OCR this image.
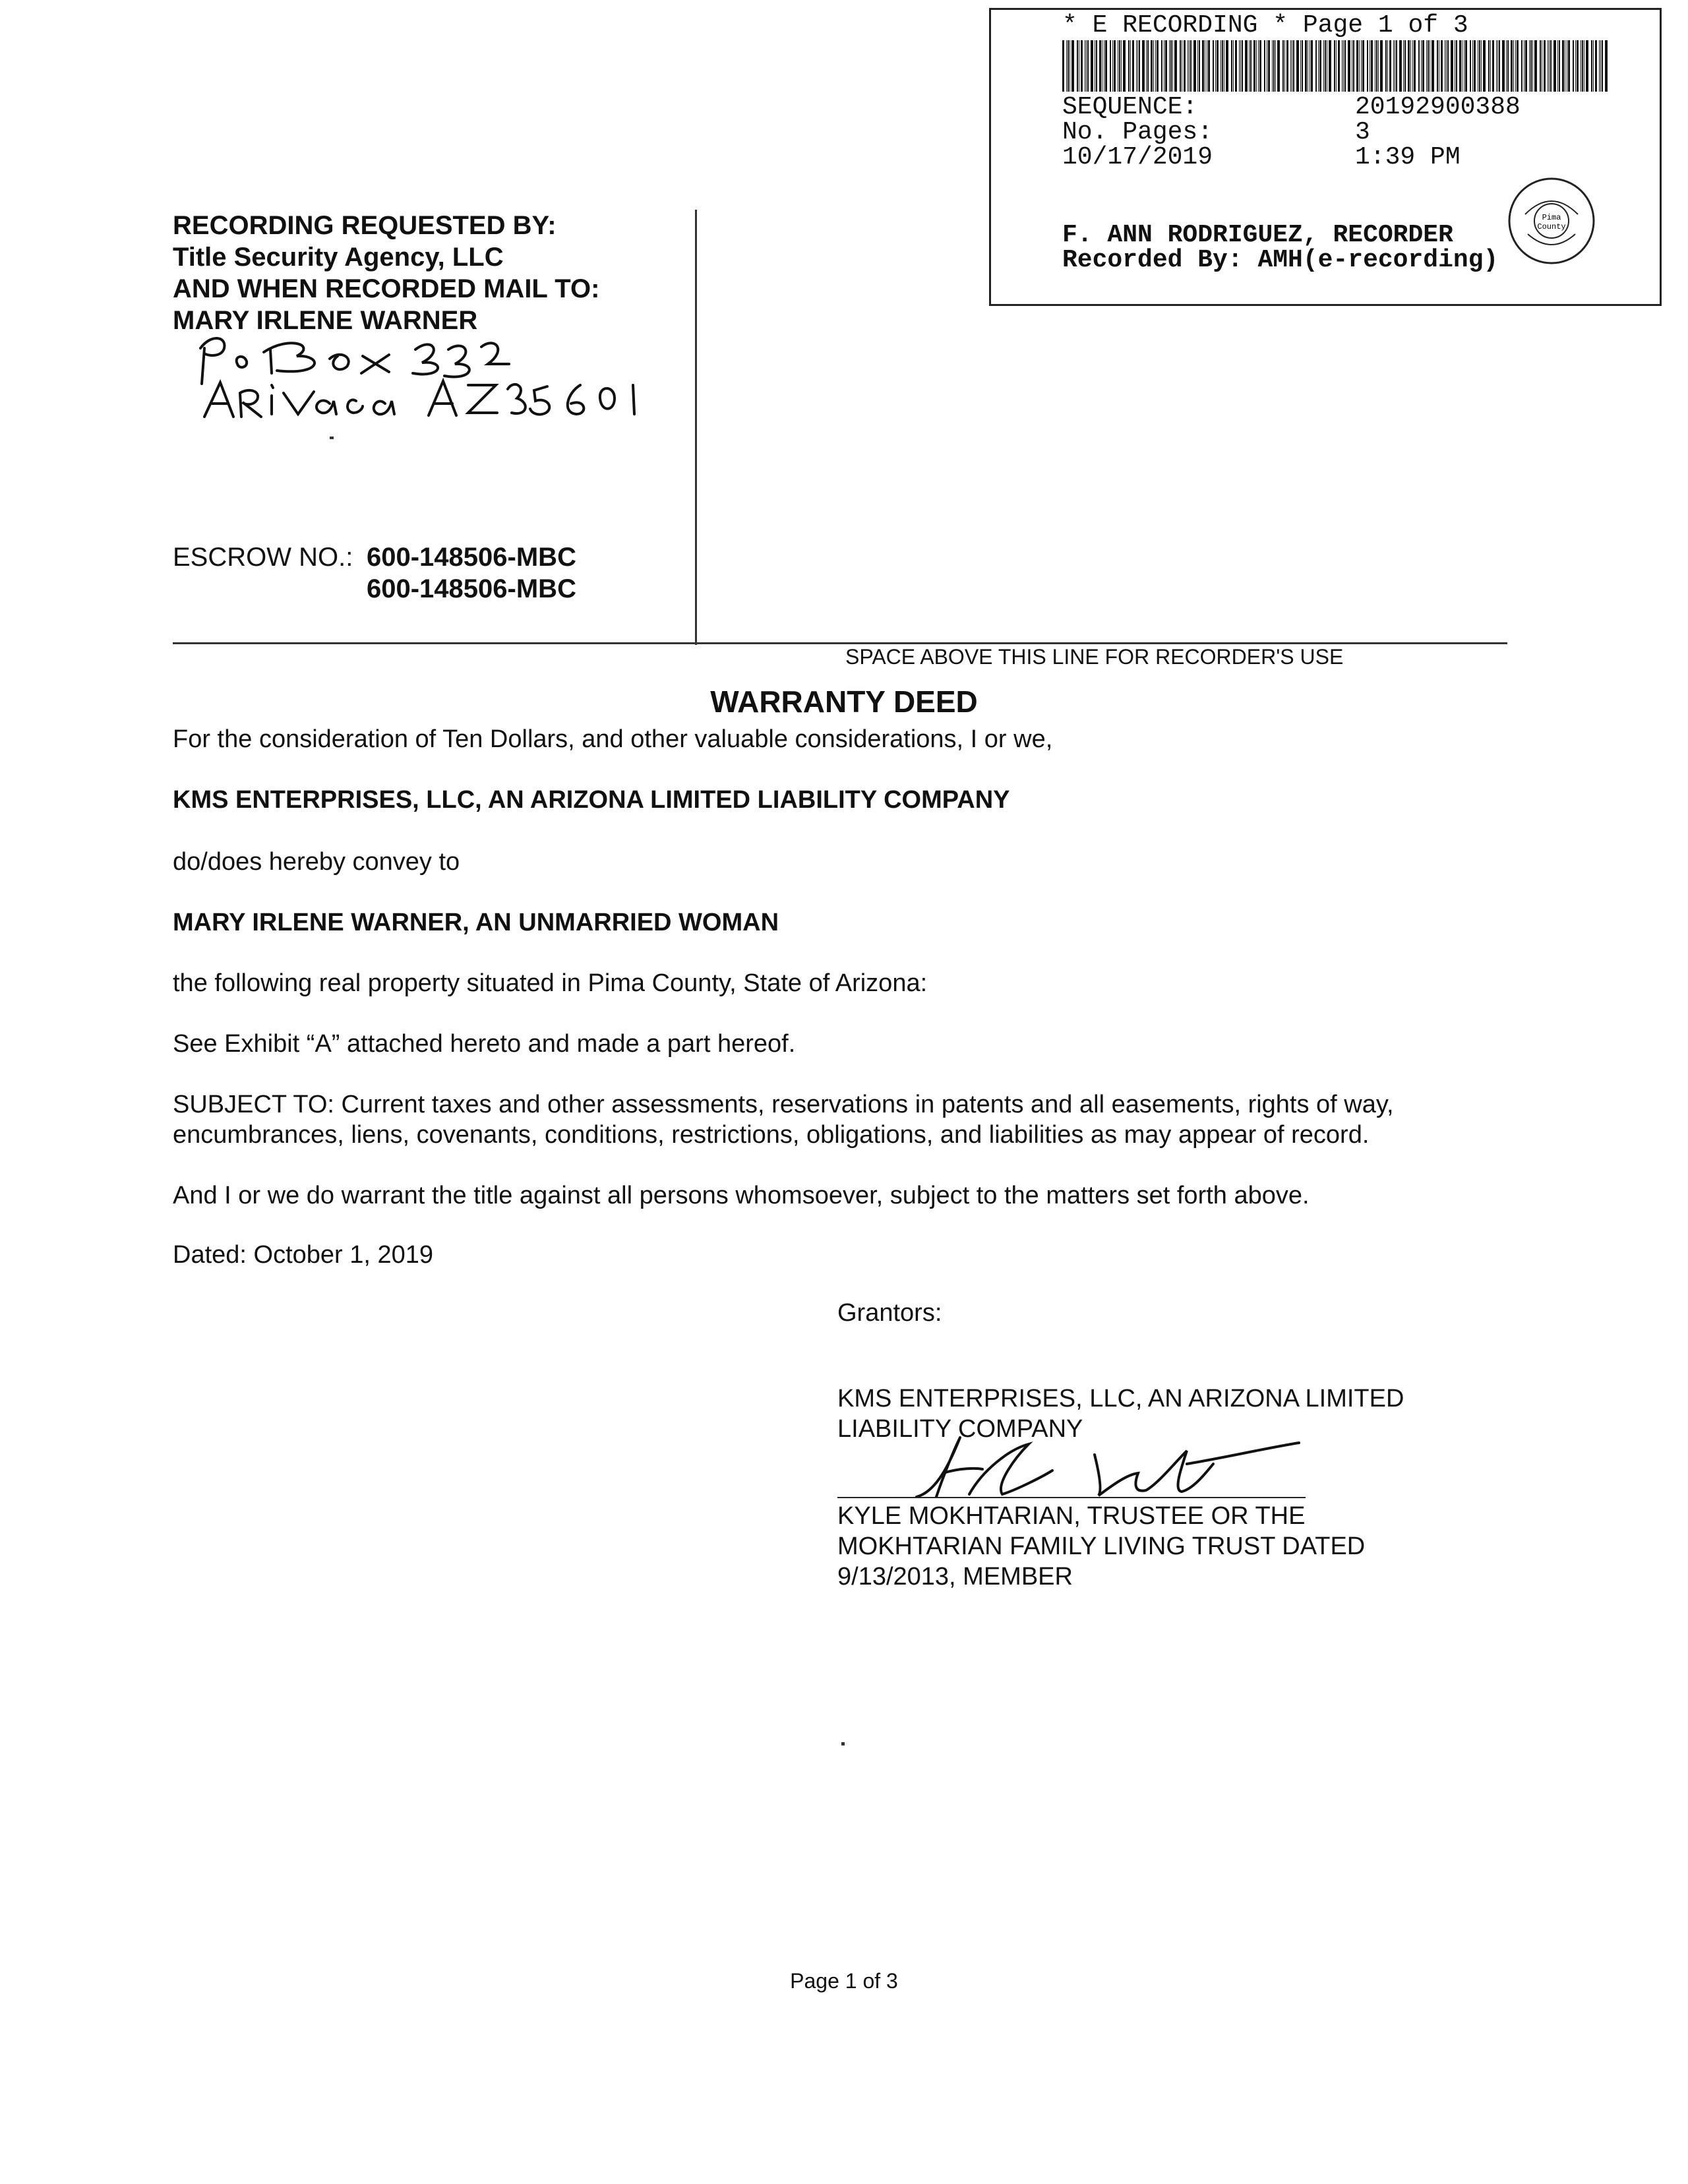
* E RECORDING * Page 1 of 3
SEQUENCE:	20192900388
No. Pages:	3
10/17/2019	1:39 PM
F. ANN RODRIGUEZ, RECORDER
Recorded By: AMH(e-recording)
Pima
County
RECORDING REQUESTED BY:
Title Security Agency, LLC
AND WHEN RECORDED MAIL TO:
MARY IRLENE WARNER
ESCROW NO.: 600-148506-MBC
600-148506-MBC
SPACE ABOVE THIS LINE FOR RECORDER'S USE
WARRANTY DEED
For the consideration of Ten Dollars, and other valuable considerations, I or we,
KMS ENTERPRISES, LLC, AN ARIZONA LIMITED LIABILITY COMPANY
do/does hereby convey to
MARY IRLENE WARNER, AN UNMARRIED WOMAN
the following real property situated in Pima County, State of Arizona:
See Exhibit “A” attached hereto and made a part hereof.
SUBJECT TO: Current taxes and other assessments, reservations in patents and all easements, rights of way,
encumbrances, liens, covenants, conditions, restrictions, obligations, and liabilities as may appear of record.
And I or we do warrant the title against all persons whomsoever, subject to the matters set forth above.
Dated: October 1, 2019
Grantors:
KMS ENTERPRISES, LLC, AN ARIZONA LIMITED
LIABILITY COMPANY
KYLE MOKHTARIAN, TRUSTEE OR THE
MOKHTARIAN FAMILY LIVING TRUST DATED
9/13/2013, MEMBER
Page 1 of 3
